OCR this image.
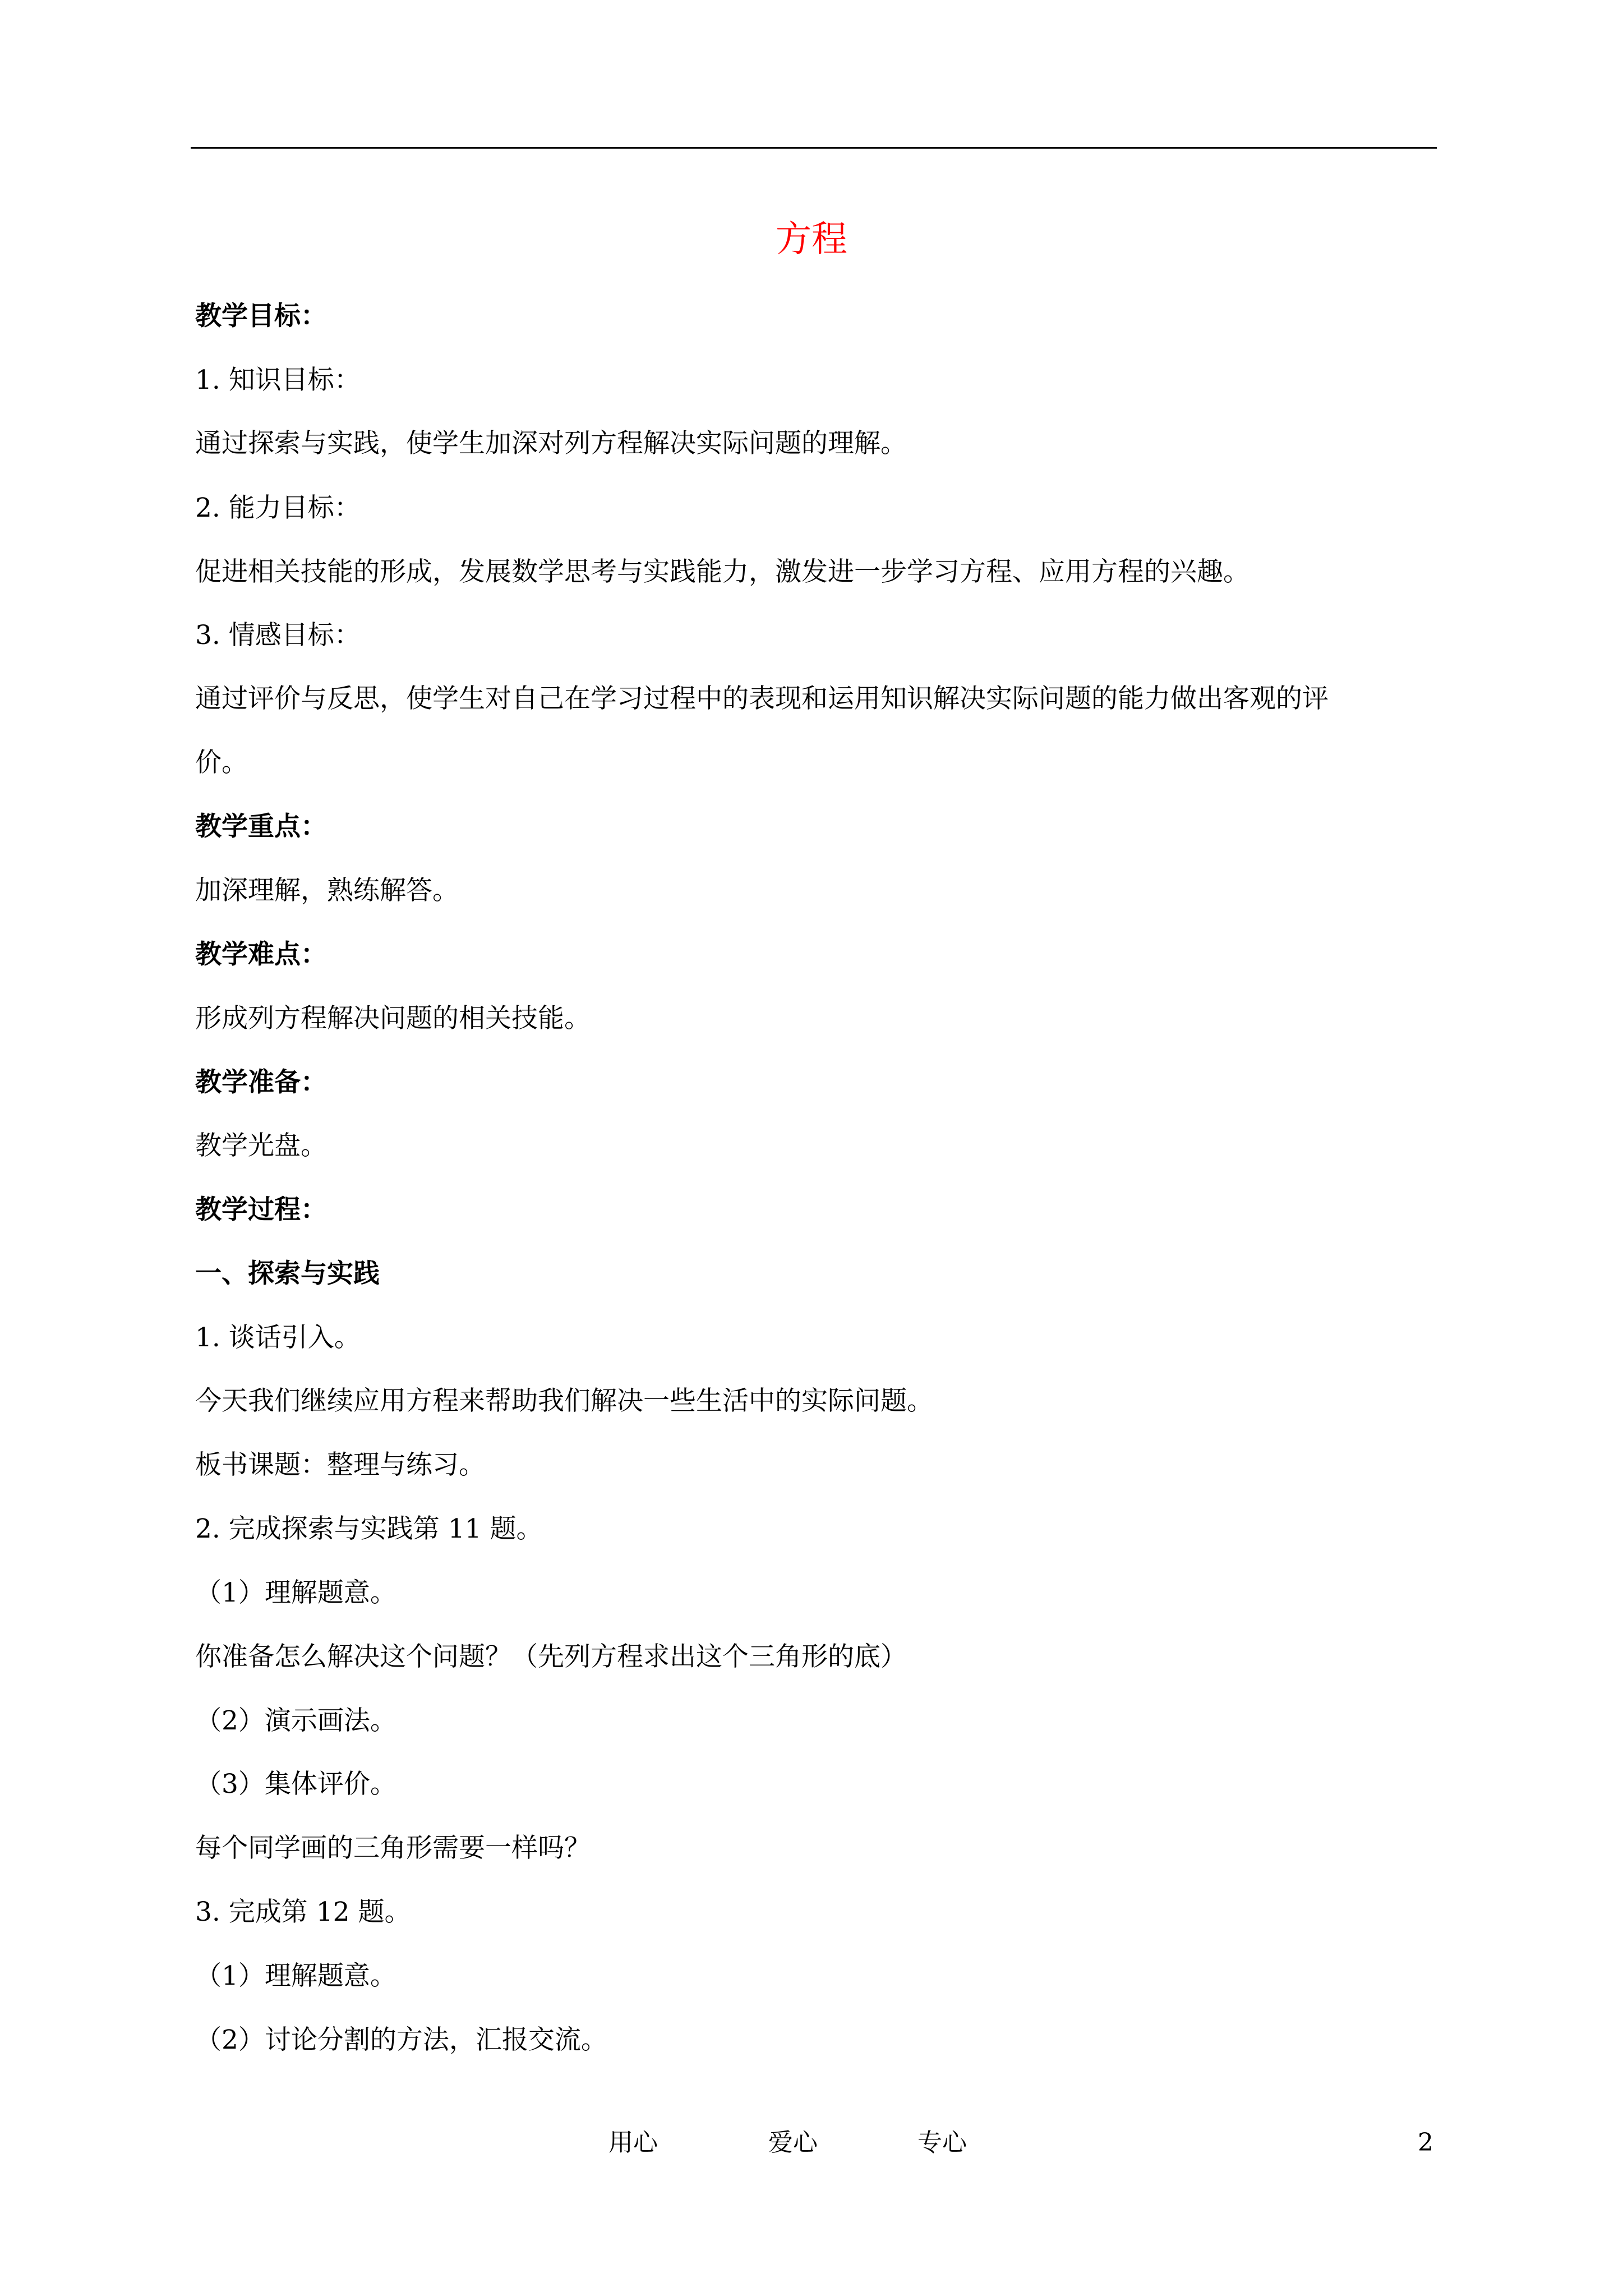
方程
教学目标：
1. 知识目标：
通过探索与实践，使学生加深对列方程解决实际问题的理解。
2. 能力目标：
促进相关技能的形成，发展数学思考与实践能力，激发进一步学习方程、应用方程的兴趣。
3. 情感目标：
通过评价与反思，使学生对自己在学习过程中的表现和运用知识解决实际问题的能力做出客观的评
价。
教学重点：
加深理解，熟练解答。
教学难点：
形成列方程解决问题的相关技能。
教学准备：
教学光盘。
教学过程：
一、探索与实践
1. 谈话引入。
今天我们继续应用方程来帮助我们解决一些生活中的实际问题。
板书课题：整理与练习。
2. 完成探索与实践第 11 题。
（1）理解题意。
你准备怎么解决这个问题？（先列方程求出这个三角形的底）
（2）演示画法。
（3）集体评价。
每个同学画的三角形需要一样吗？
3. 完成第 12 题。
（1）理解题意。
（2）讨论分割的方法，汇报交流。
用心	爱心	专心	2
